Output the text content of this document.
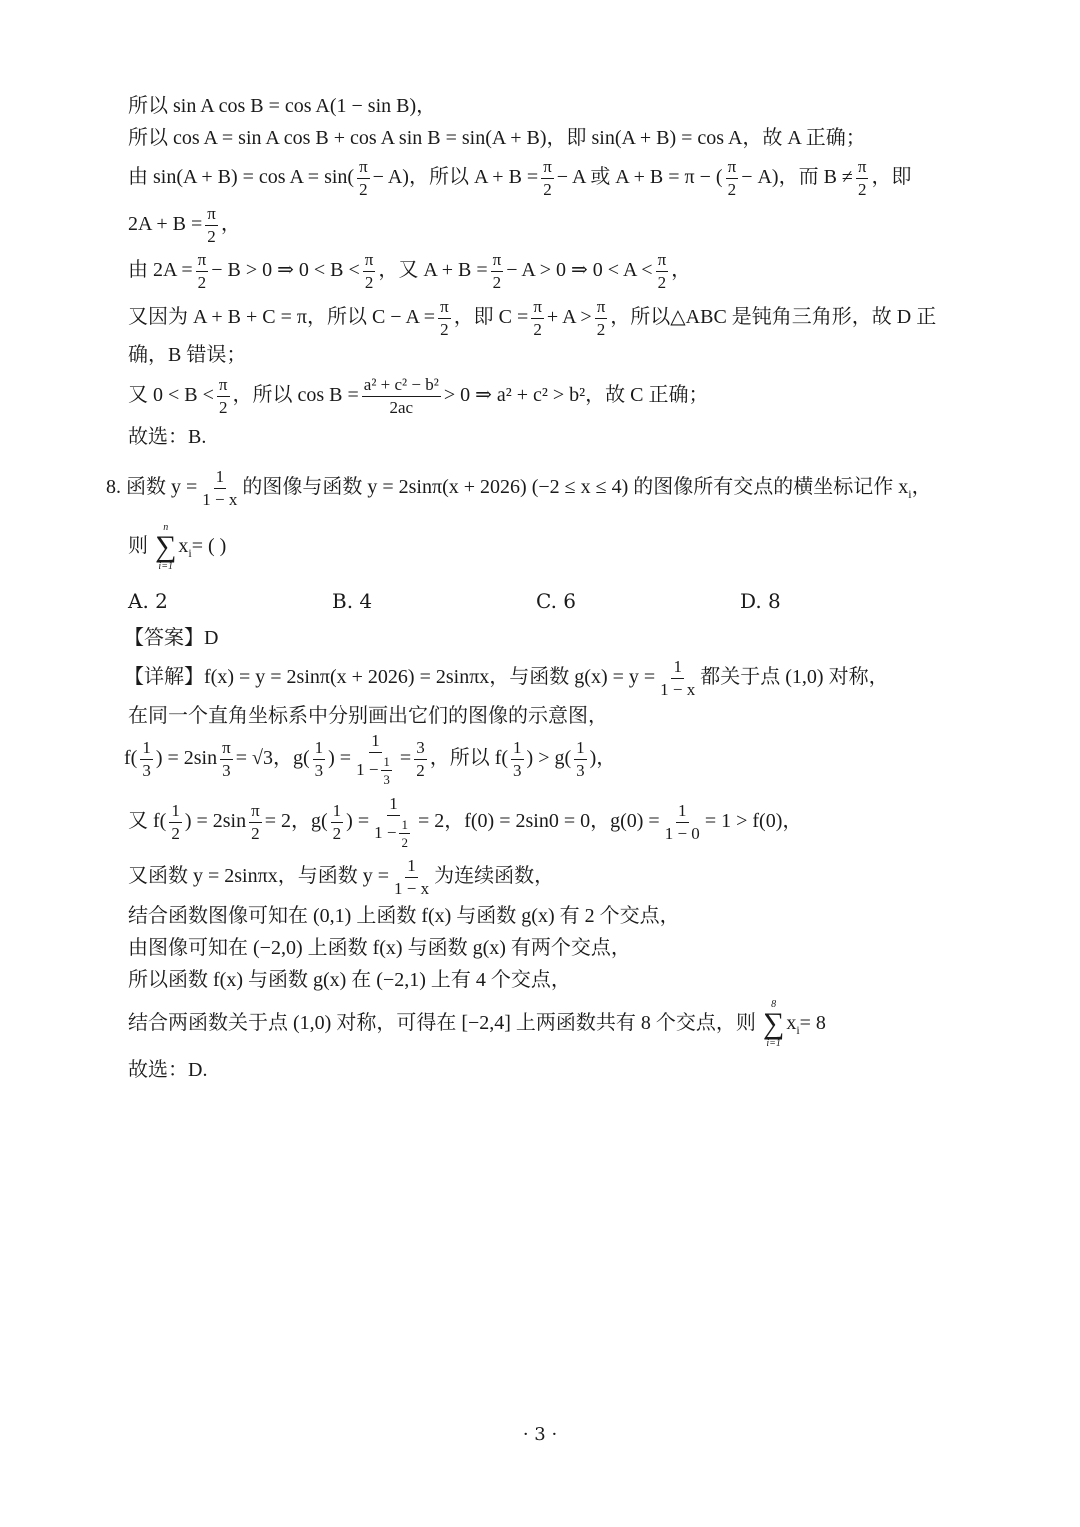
所以 sin A cos B = cos A(1 − sin B)，
所以 cos A = sin A cos B + cos A sin B = sin(A + B)，即 sin(A + B) = cos A，故 A 正确；
由 $\sin(A + B) = \cos A = \sin( \frac{\pi}{2} - A)$，所以 $A + B = \frac{\pi}{2} - A$ 或 A + B = π − ( $\frac{\pi}{2} - A$)，而 $B \ne \frac{\pi}{2}$ ，即
$2A + B = \frac{\pi}{2}$ ，
由 $2A = \frac{\pi}{2} - B > 0$ ⇒ $0 < B < \frac{\pi}{2}$ ，又 $A + B = \frac{\pi}{2} - A > 0$ ⇒ $0 < A < \frac{\pi}{2}$ ，
又因为 A + B + C = π，所以 $C - A = \frac{\pi}{2}$ ，即 $C = \frac{\pi}{2} + A > \frac{\pi}{2}$ ，所以△ABC 是钝角三角形，故 D 正
确，B 错误；
又 $0 < B < \frac{\pi}{2}$ ，所以 $\cos B = \frac{\text{a² + c² − b²}}{2ac} > 0$ ⇒ a² + c² > b²，故 C 正确；
故选：B.
8. 函数 $y = \frac{1}{1 - x}$ 的图像与函数 y = 2sinπ(x + 2026) (−2 ≤ x ≤ 4) 的图像所有交点的横坐标记作 $x_i$，
则
n
∑
i=1
$x_i=$ ( )
A. 2	B. 4	C. 6	D. 8
【答案】D
【详解】f(x) = y = 2sinπ(x + 2026) = 2sinπx，与函数 $g(x) = y = \frac{1}{1 - x}$ 都关于点 (1,0) 对称，
在同一个直角坐标系中分别画出它们的图像的示意图，
$f( \frac{1}{3}$ ) = $2\sin \frac{\pi}{3} = √3$，$g( \frac{1}{3}$ ) = $\frac{1}{1 - \frac{1}{3}} = \frac{3}{2}$ ，所以 $f( \frac{1}{3}$ ) > $g( \frac{1}{3}$ )，
又 $f( \frac{1}{2}$ ) = $2\sin \frac{\pi}{2} = 2$，$g( \frac{1}{2}$ ) = $\frac{1}{1 - \frac{1}{2}} = 2$，f(0) = 2sin0 = 0，$g(0) = \frac{1}{1 - 0} = 1 > f(0)$，
又函数 y = 2sinπx，与函数 $y = \frac{1}{1 - x}$ 为连续函数，
结合函数图像可知在 (0,1) 上函数 f(x) 与函数 g(x) 有 2 个交点，
由图像可知在 (−2,0) 上函数 f(x) 与函数 g(x) 有两个交点，
所以函数 f(x) 与函数 g(x) 在 (−2,1) 上有 4 个交点，
结合两函数关于点 (1,0) 对称，可得在 [−2,4] 上两函数共有 8 个交点，则
8
∑
i=1
$x_i= 8$
故选：D.
· 3 ·
